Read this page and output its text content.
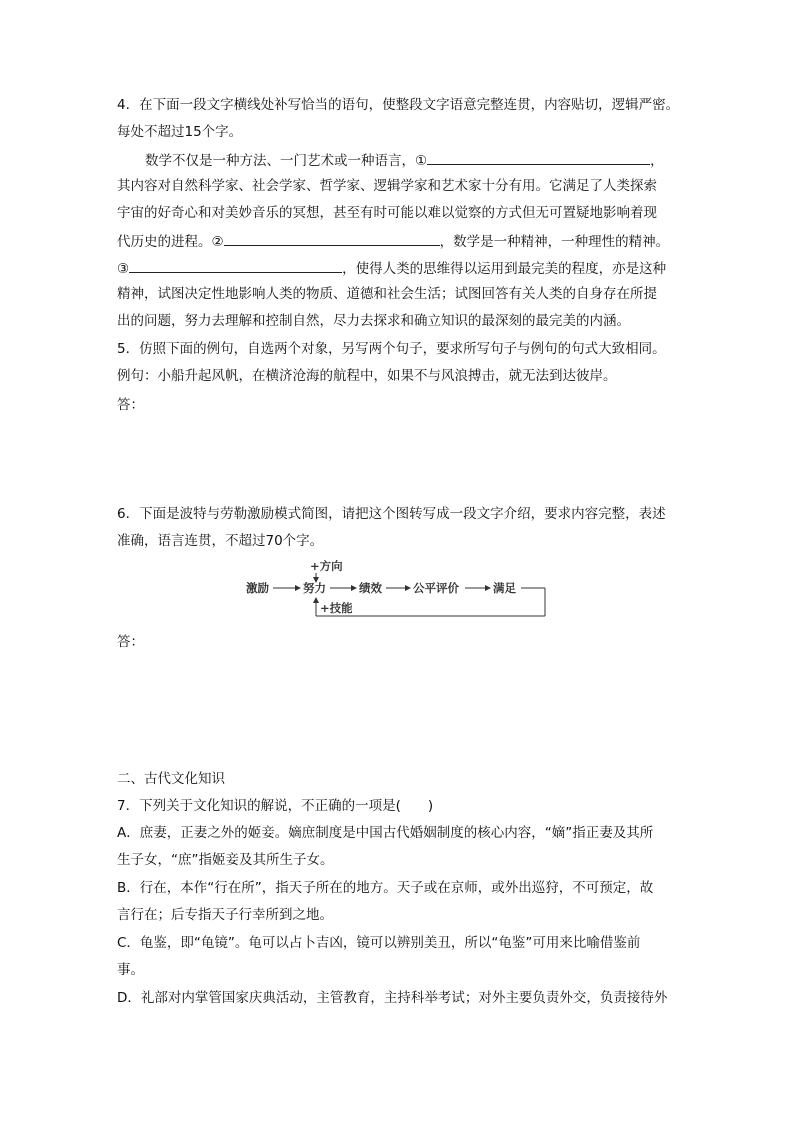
4．在下面一段文字横线处补写恰当的语句，使整段文字语意完整连贯，内容贴切，逻辑严密。
每处不超过15个字。
数学不仅是一种方法、一门艺术或一种语言，①	，
其内容对自然科学家、社会学家、哲学家、逻辑学家和艺术家十分有用。它满足了人类探索
宇宙的好奇心和对美妙音乐的冥想，甚至有时可能以难以觉察的方式但无可置疑地影响着现
代历史的进程。②	，数学是一种精神，一种理性的精神。
③	，使得人类的思维得以运用到最完美的程度，亦是这种
精神，试图决定性地影响人类的物质、道德和社会生活；试图回答有关人类的自身存在所提
出的问题，努力去理解和控制自然，尽力去探求和确立知识的最深刻的最完美的内涵。
5．仿照下面的例句，自选两个对象，另写两个句子，要求所写句子与例句的句式大致相同。
例句：小船升起风帆，在横济沧海的航程中，如果不与风浪搏击，就无法到达彼岸。
答：
6．下面是波特与劳勒激励模式简图，请把这个图转写成一段文字介绍，要求内容完整，表述
准确，语言连贯，不超过70个字。
激励	努力	绩效	公平评价	满足
+方向
+技能
答：
二、古代文化知识
7．下列关于文化知识的解说，不正确的一项是(　　)
A．庶妻，正妻之外的姬妾。嫡庶制度是中国古代婚姻制度的核心内容，“嫡”指正妻及其所
生子女，“庶”指姬妾及其所生子女。
B．行在，本作“行在所”，指天子所在的地方。天子或在京师，或外出巡狩，不可预定，故
言行在；后专指天子行幸所到之地。
C．龟鉴，即“龟镜”。龟可以占卜吉凶，镜可以辨别美丑，所以“龟鉴”可用来比喻借鉴前
事。
D．礼部对内掌管国家庆典活动，主管教育，主持科举考试；对外主要负责外交，负责接待外
